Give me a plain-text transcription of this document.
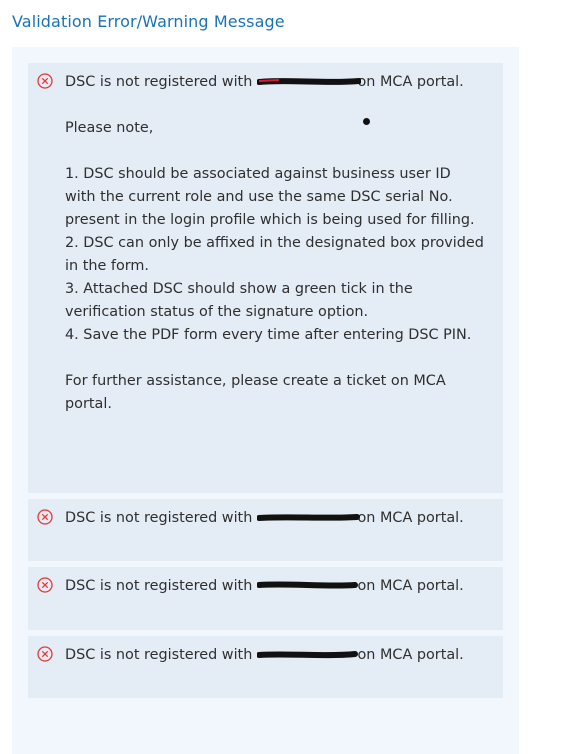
Validation Error/Warning Message

DSC is not registered with	on MCA portal.

Please note,

1. DSC should be associated against business user ID with the current role and use the same DSC serial No. present in the login profile which is being used for filling.

2. DSC can only be affixed in the designated box provided in the form.

3. Attached DSC should show a green tick in the verification status of the signature option.

4. Save the PDF form every time after entering DSC PIN.

For further assistance, please create a ticket on MCA portal.

DSC is not registered with	on MCA portal.

DSC is not registered with	on MCA portal.

DSC is not registered with	on MCA portal.
